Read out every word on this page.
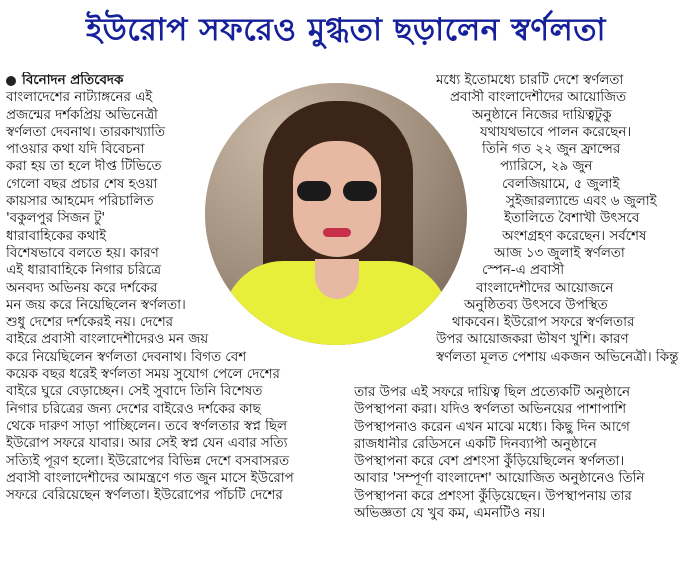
ইউরোপ সফরেও মুগ্ধতা ছড়ালেন স্বর্ণলতা

বিনোদন প্রতিবেদক

বাংলাদেশের নাট্যাঙ্গনের এই

প্রজন্মের দর্শকপ্রিয় অভিনেত্রী

স্বর্ণলতা দেবনাথ। তারকাখ্যাতি

পাওয়ার কথা যদি বিবেচনা

করা হয় তা হলে দীপ্ত টিভিতে

গেলো বছর প্রচার শেষ হওয়া

কায়সার আহমেদ পরিচালিত

'বকুলপুর সিজন টু'

ধারাবাহিকের কথাই

বিশেষভাবে বলতে হয়। কারণ

এই ধারাবাহিকে নিগার চরিত্রে

অনবদ্য অভিনয় করে দর্শকের

মন জয় করে নিয়েছিলেন স্বর্ণলতা।

শুধু দেশের দর্শকেরই নয়। দেশের

বাইরে প্রবাসী বাংলাদেশীদেরও মন জয়

করে নিয়েছিলেন স্বর্ণলতা দেবনাথ। বিগত বেশ

কয়েক বছর ধরেই স্বর্ণলতা সময় সুযোগ পেলে দেশের

বাইরে ঘুরে বেড়াচ্ছেন। সেই সুবাদে তিনি বিশেষত

নিগার চরিত্রের জন্য দেশের বাইরেও দর্শকের কাছ

থেকে দারুণ সাড়া পাচ্ছিলেন। তবে স্বর্ণলতার স্বপ্ন ছিল

ইউরোপ সফরে যাবার। আর সেই স্বপ্ন যেন এবার সত্যি

সত্যিই পূরণ হলো। ইউরোপের বিভিন্ন দেশে বসবাসরত

প্রবাসী বাংলাদেশীদের আমন্ত্রণে গত জুন মাসে ইউরোপ

সফরে বেরিয়েছেন স্বর্ণলতা। ইউরোপের পাঁচটি দেশের

মধ্যে ইতোমধ্যে চারটি দেশে স্বর্ণলতা

প্রবাসী বাংলাদেশীদের আয়োজিত

অনুষ্ঠানে নিজের দায়িত্বটুকু

যথাযথভাবে পালন করেছেন।

তিনি গত ২২ জুন ফ্রান্সের

প্যারিসে, ২৯ জুন

বেলজিয়ামে, ৫ জুলাই

সুইজারল্যান্ডে এবং ৬ জুলাই

ইতালিতে বৈশাখী উৎসবে

অংশগ্রহণ করেছেন। সর্বশেষ

আজ ১৩ জুলাই স্বর্ণলতা

স্পেন-এ প্রবাসী

বাংলাদেশীদের আয়োজনে

অনুষ্ঠিতব্য উৎসবে উপস্থিত

থাকবেন। ইউরোপ সফরে স্বর্ণলতার

উপর আয়োজকরা ভীষণ খুশি। কারণ

স্বর্ণলতা মূলত পেশায় একজন অভিনেত্রী। কিন্তু

তার উপর এই সফরে দায়িত্ব ছিল প্রত্যেকটি অনুষ্ঠানে

উপস্থাপনা করা। যদিও স্বর্ণলতা অভিনয়ের পাশাপাশি

উপস্থাপনাও করেন এখন মাঝে মধ্যে। কিছু দিন আগে

রাজধানীর রেডিসনে একটি দিনব্যাপী অনুষ্ঠানে

উপস্থাপনা করে বেশ প্রশংসা কুঁড়িয়েছিলেন স্বর্ণলতা।

আবার 'সম্পূর্ণা বাংলাদেশ' আয়োজিত অনুষ্ঠানেও তিনি

উপস্থাপনা করে প্রশংসা কুঁড়িয়েছেন। উপস্থাপনায় তার

অভিজ্ঞতা যে খুব কম, এমনটিও নয়।
